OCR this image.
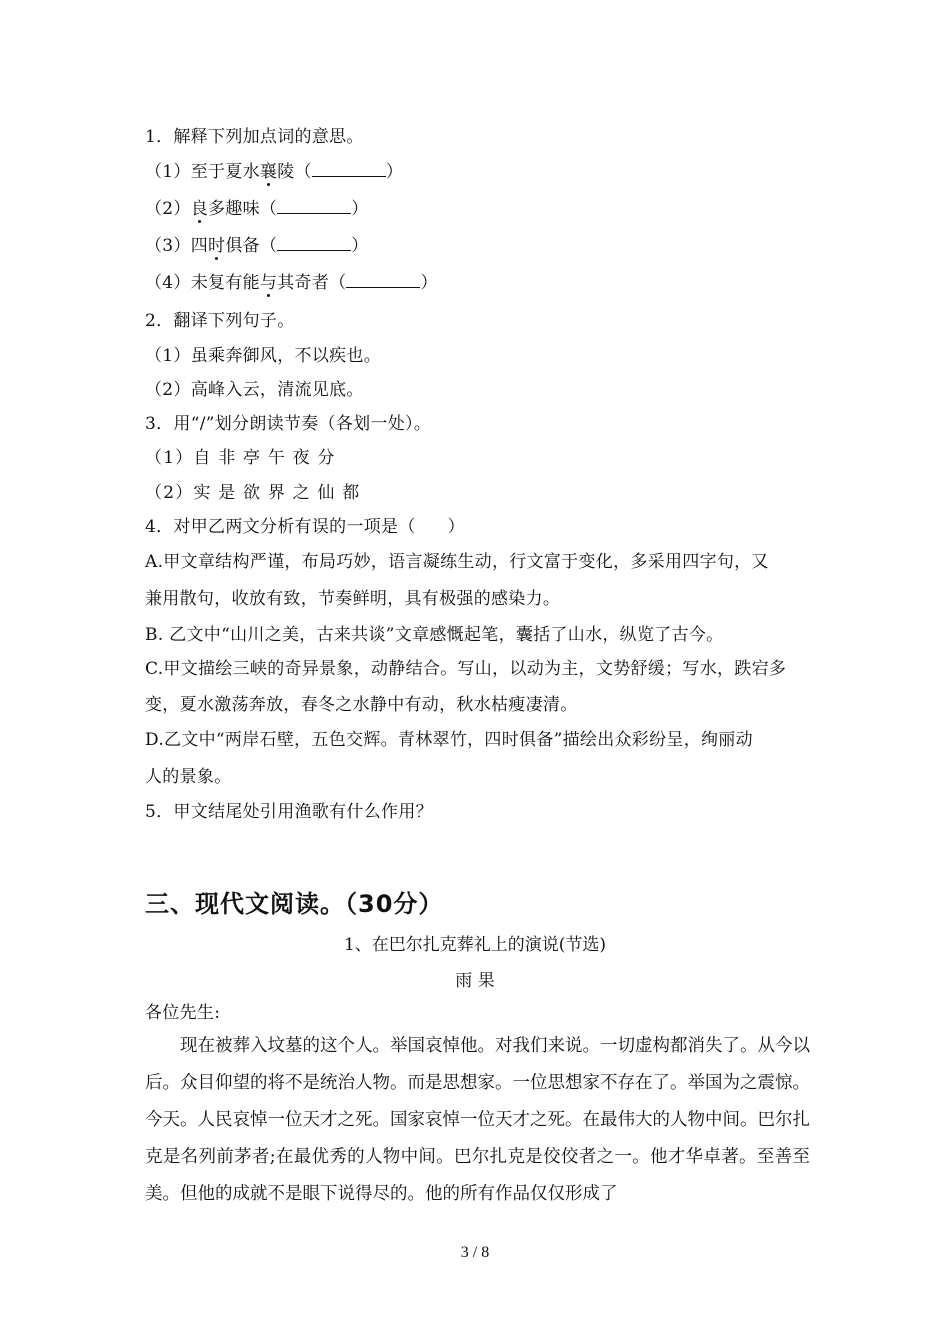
1．解释下列加点词的意思。
（1）至于夏水襄陵（	）
（2）良多趣味（	）
（3）四时俱备（	）
（4）未复有能与其奇者（	）
2．翻译下列句子。
（1）虽乘奔御风，不以疾也。
（2）高峰入云，清流见底。
3．用“/”划分朗读节奏（各划一处）。
（1）自 非 亭 午 夜 分
（2）实 是 欲 界 之 仙 都
4．对甲乙两文分析有误的一项是（ ）
A.甲文章结构严谨，布局巧妙，语言凝练生动，行文富于变化，多采用四字句，又
兼用散句，收放有致，节奏鲜明，具有极强的感染力。
B. 乙文中“山川之美，古来共谈”文章感慨起笔，囊括了山水，纵览了古今。
C.甲文描绘三峡的奇异景象，动静结合。写山，以动为主，文势舒缓；写水，跌宕多
变，夏水激荡奔放，春冬之水静中有动，秋水枯瘦凄清。
D.乙文中“两岸石壁，五色交辉。青林翠竹，四时俱备”描绘出众彩纷呈，绚丽动
人的景象。
5．甲文结尾处引用渔歌有什么作用？
三、现代文阅读。（30分）
1、在巴尔扎克葬礼上的演说(节选)
雨 果
各位先生:
现在被葬入坟墓的这个人。举国哀悼他。对我们来说。一切虚构都消失了。从今以后。众目仰望的将不是统治人物。而是思想家。一位思想家不存在了。举国为之震惊。今天。人民哀悼一位天才之死。国家哀悼一位天才之死。在最伟大的人物中间。巴尔扎克是名列前茅者;在最优秀的人物中间。巴尔扎克是佼佼者之一。他才华卓著。至善至美。但他的成就不是眼下说得尽的。他的所有作品仅仅形成了
3 / 8
